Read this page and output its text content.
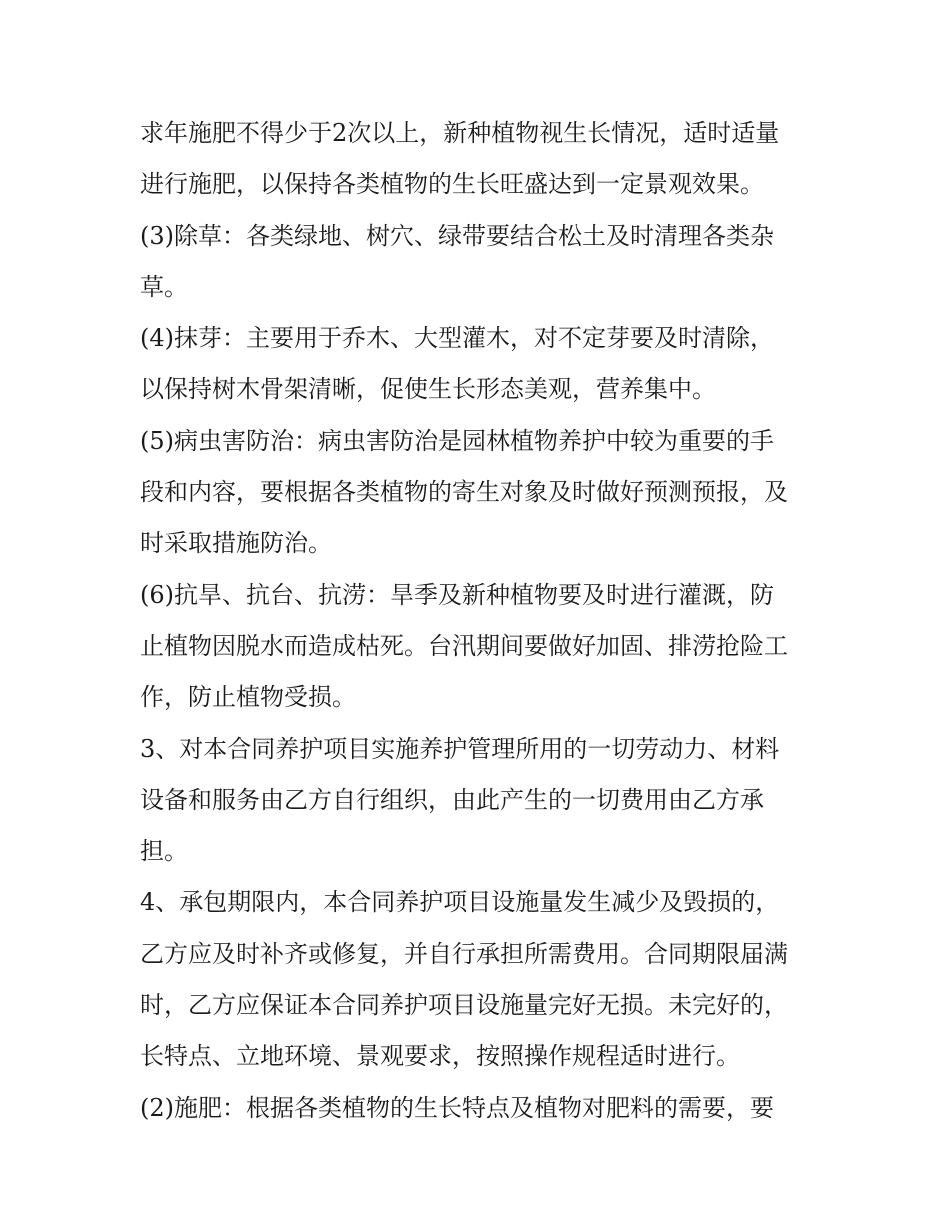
求年施肥不得少于2次以上，新种植物视生长情况，适时适量
进行施肥，以保持各类植物的生长旺盛达到一定景观效果。
(3)除草：各类绿地、树穴、绿带要结合松土及时清理各类杂
草。
(4)抹芽：主要用于乔木、大型灌木，对不定芽要及时清除，
以保持树木骨架清晰，促使生长形态美观，营养集中。
(5)病虫害防治：病虫害防治是园林植物养护中较为重要的手
段和内容，要根据各类植物的寄生对象及时做好预测预报，及
时采取措施防治。
(6)抗旱、抗台、抗涝：旱季及新种植物要及时进行灌溉，防
止植物因脱水而造成枯死。台汛期间要做好加固、排涝抢险工
作，防止植物受损。
3、对本合同养护项目实施养护管理所用的一切劳动力、材料
设备和服务由乙方自行组织，由此产生的一切费用由乙方承
担。
4、承包期限内，本合同养护项目设施量发生减少及毁损的，
乙方应及时补齐或修复，并自行承担所需费用。合同期限届满
时，乙方应保证本合同养护项目设施量完好无损。未完好的，
长特点、立地环境、景观要求，按照操作规程适时进行。
(2)施肥：根据各类植物的生长特点及植物对肥料的需要，要
